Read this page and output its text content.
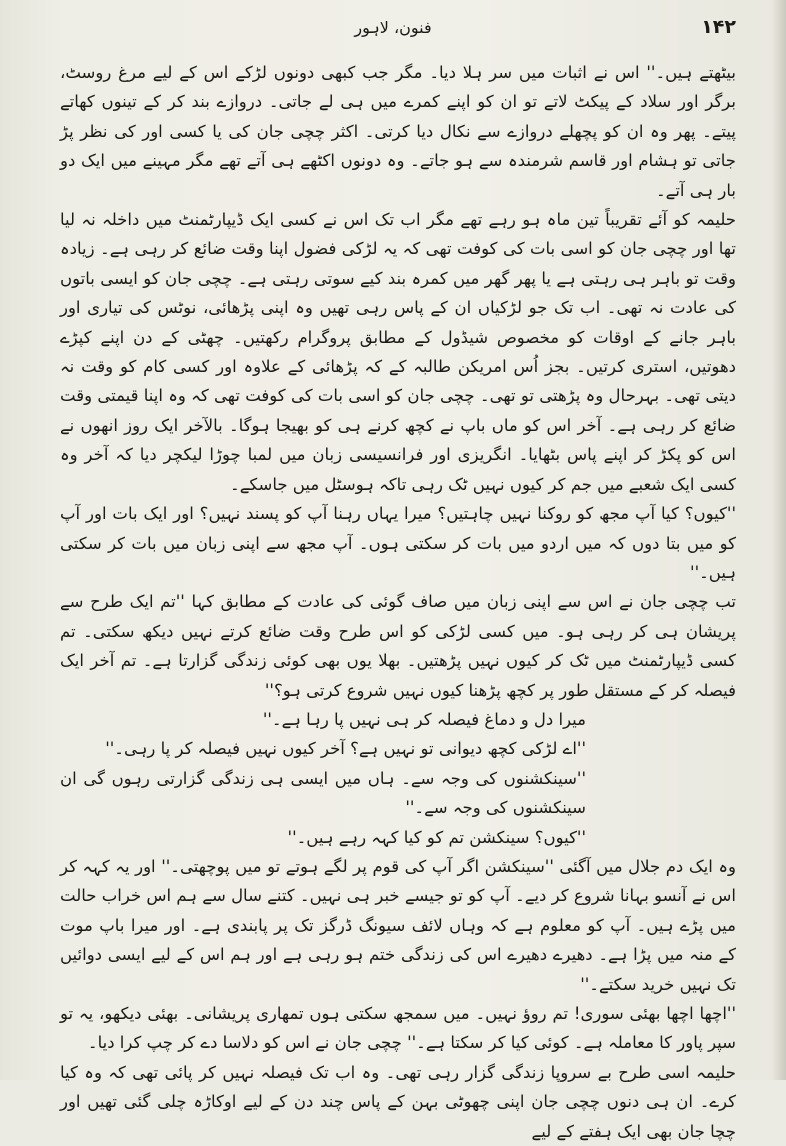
فنون، لاہور	۱۴۲

بیٹھتے ہیں۔'' اس نے اثبات میں سر ہلا دیا۔ مگر جب کبھی دونوں لڑکے اس کے لیے مرغ روسٹ، برگر اور سلاد کے پیکٹ لاتے تو ان کو اپنے کمرے میں ہی لے جاتی۔ دروازے بند کر کے تینوں کھاتے پیتے۔ پھر وہ ان کو پچھلے دروازے سے نکال دیا کرتی۔ اکثر چچی جان کی یا کسی اور کی نظر پڑ جاتی تو ہشام اور قاسم شرمندہ سے ہو جاتے۔ وہ دونوں اکٹھے ہی آتے تھے مگر مہینے میں ایک دو بار ہی آتے۔

حلیمہ کو آئے تقریباً تین ماہ ہو رہے تھے مگر اب تک اس نے کسی ایک ڈیپارٹمنٹ میں داخلہ نہ لیا تھا اور چچی جان کو اسی بات کی کوفت تھی کہ یہ لڑکی فضول اپنا وقت ضائع کر رہی ہے۔ زیادہ وقت تو باہر ہی رہتی ہے یا پھر گھر میں کمرہ بند کیے سوتی رہتی ہے۔ چچی جان کو ایسی باتوں کی عادت نہ تھی۔ اب تک جو لڑکیاں ان کے پاس رہی تھیں وہ اپنی پڑھائی، نوٹس کی تیاری اور باہر جانے کے اوقات کو مخصوص شیڈول کے مطابق پروگرام رکھتیں۔ چھٹی کے دن اپنے کپڑے دھوتیں، استری کرتیں۔ بجز اُس امریکن طالبہ کے کہ پڑھائی کے علاوہ اور کسی کام کو وقت نہ دیتی تھی۔ بہرحال وہ پڑھتی تو تھی۔ چچی جان کو اسی بات کی کوفت تھی کہ وہ اپنا قیمتی وقت ضائع کر رہی ہے۔ آخر اس کو ماں باپ نے کچھ کرنے ہی کو بھیجا ہوگا۔ بالآخر ایک روز انھوں نے اس کو پکڑ کر اپنے پاس بٹھایا۔ انگریزی اور فرانسیسی زبان میں لمبا چوڑا لیکچر دیا کہ آخر وہ کسی ایک شعبے میں جم کر کیوں نہیں ٹک رہی تاکہ ہوسٹل میں جاسکے۔

''کیوں؟ کیا آپ مجھ کو روکنا نہیں چاہتیں؟ میرا یہاں رہنا آپ کو پسند نہیں؟ اور ایک بات اور آپ کو میں بتا دوں کہ میں اردو میں بات کر سکتی ہوں۔ آپ مجھ سے اپنی زبان میں بات کر سکتی ہیں۔''

تب چچی جان نے اس سے اپنی زبان میں صاف گوئی کی عادت کے مطابق کہا ''تم ایک طرح سے پریشان ہی کر رہی ہو۔ میں کسی لڑکی کو اس طرح وقت ضائع کرتے نہیں دیکھ سکتی۔ تم کسی ڈیپارٹمنٹ میں ٹک کر کیوں نہیں پڑھتیں۔ بھلا یوں بھی کوئی زندگی گزارتا ہے۔ تم آخر ایک فیصلہ کر کے مستقل طور پر کچھ پڑھنا کیوں نہیں شروع کرتی ہو؟''

میرا دل و دماغ فیصلہ کر ہی نہیں پا رہا ہے۔''

''اے لڑکی کچھ دیوانی تو نہیں ہے؟ آخر کیوں نہیں فیصلہ کر پا رہی۔''

''سینکشنوں کی وجہ سے۔ ہاں میں ایسی ہی زندگی گزارتی رہوں گی ان سینکشنوں کی وجہ سے۔''

''کیوں؟ سینکشن تم کو کیا کہہ رہے ہیں۔''

وہ ایک دم جلال میں آگئی ''سینکشن اگر آپ کی قوم پر لگے ہوتے تو میں پوچھتی۔'' اور یہ کہہ کر اس نے آنسو بہانا شروع کر دیے۔ آپ کو تو جیسے خبر ہی نہیں۔ کتنے سال سے ہم اس خراب حالت میں پڑے ہیں۔ آپ کو معلوم ہے کہ وہاں لائف سیونگ ڈرگز تک پر پابندی ہے۔ اور میرا باپ موت کے منہ میں پڑا ہے۔ دھیرے دھیرے اس کی زندگی ختم ہو رہی ہے اور ہم اس کے لیے ایسی دوائیں تک نہیں خرید سکتے۔''

''اچھا اچھا بھئی سوری! تم روؤ نہیں۔ میں سمجھ سکتی ہوں تمھاری پریشانی۔ بھئی دیکھو، یہ تو سپر پاور کا معاملہ ہے۔ کوئی کیا کر سکتا ہے۔'' چچی جان نے اس کو دلاسا دے کر چپ کرا دیا۔

حلیمہ اسی طرح بے سروپا زندگی گزار رہی تھی۔ وہ اب تک فیصلہ نہیں کر پائی تھی کہ وہ کیا کرے۔ ان ہی دنوں چچی جان اپنی چھوٹی بہن کے پاس چند دن کے لیے اوکاڑہ چلی گئی تھیں اور چچا جان بھی ایک ہفتے کے لیے
